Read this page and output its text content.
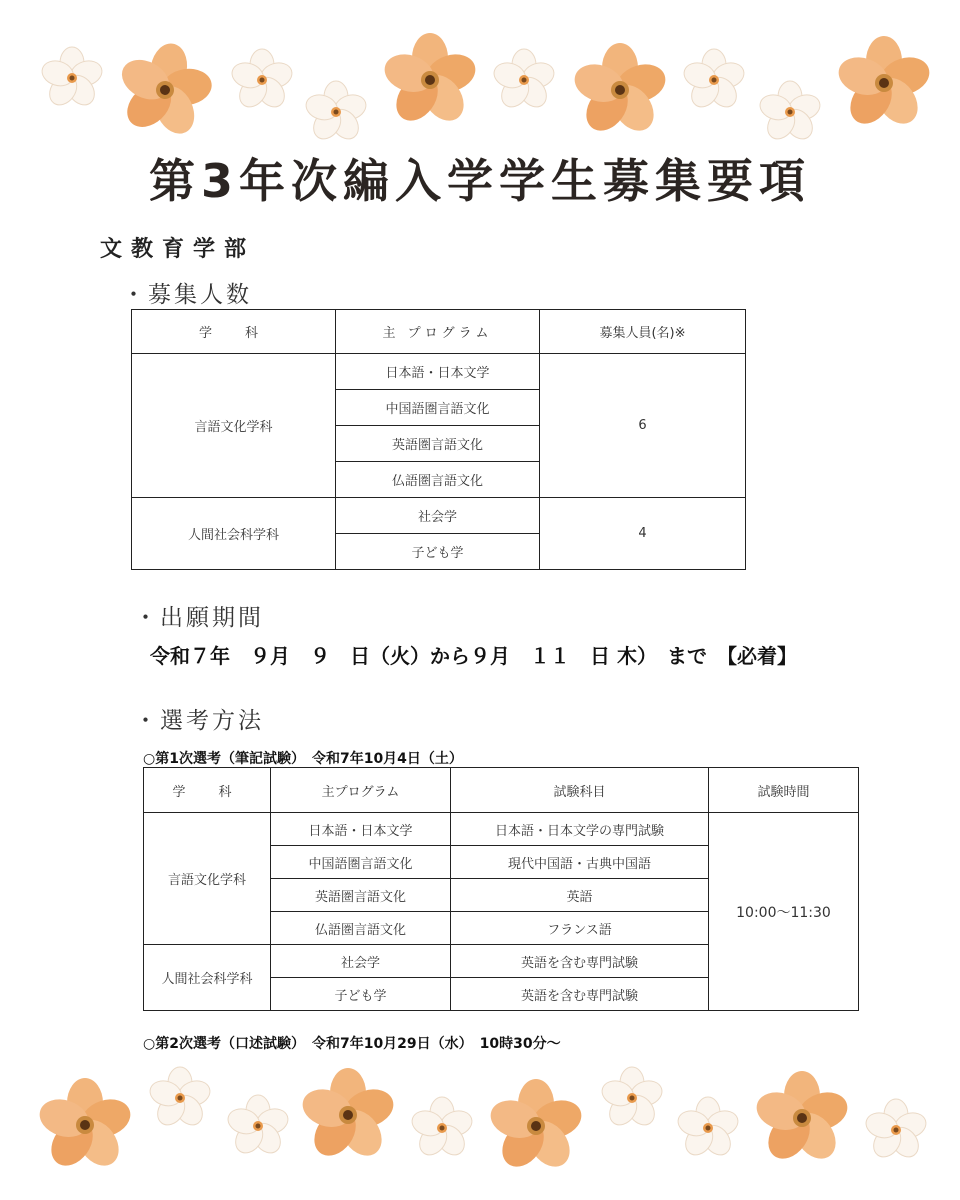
第3年次編入学学生募集要項
文教育学部
・募集人数
学　科	主 プログラム	募集人員(名)※
言語文化学科	日本語・日本文学	6
	中国語圏言語文化	
	英語圏言語文化	
	仏語圏言語文化	
人間社会科学科	社会学	4
	子ども学	
・出願期間
令和７年　９月　９　日（火）から９月　１１　日 木）　まで　【必着】
・選考方法
○第1次選考（筆記試験）　令和7年10月4日（土）
学　科	主プログラム	試験科目	試験時間
言語文化学科	日本語・日本文学	日本語・日本文学の専門試験	10:00～11:30
	中国語圏言語文化	現代中国語・古典中国語	
	英語圏言語文化	英語	
	仏語圏言語文化	フランス語	
人間社会科学科	社会学	英語を含む専門試験	
	子ども学	英語を含む専門試験	
○第2次選考（口述試験）　令和7年10月29日（水）　10時30分～
